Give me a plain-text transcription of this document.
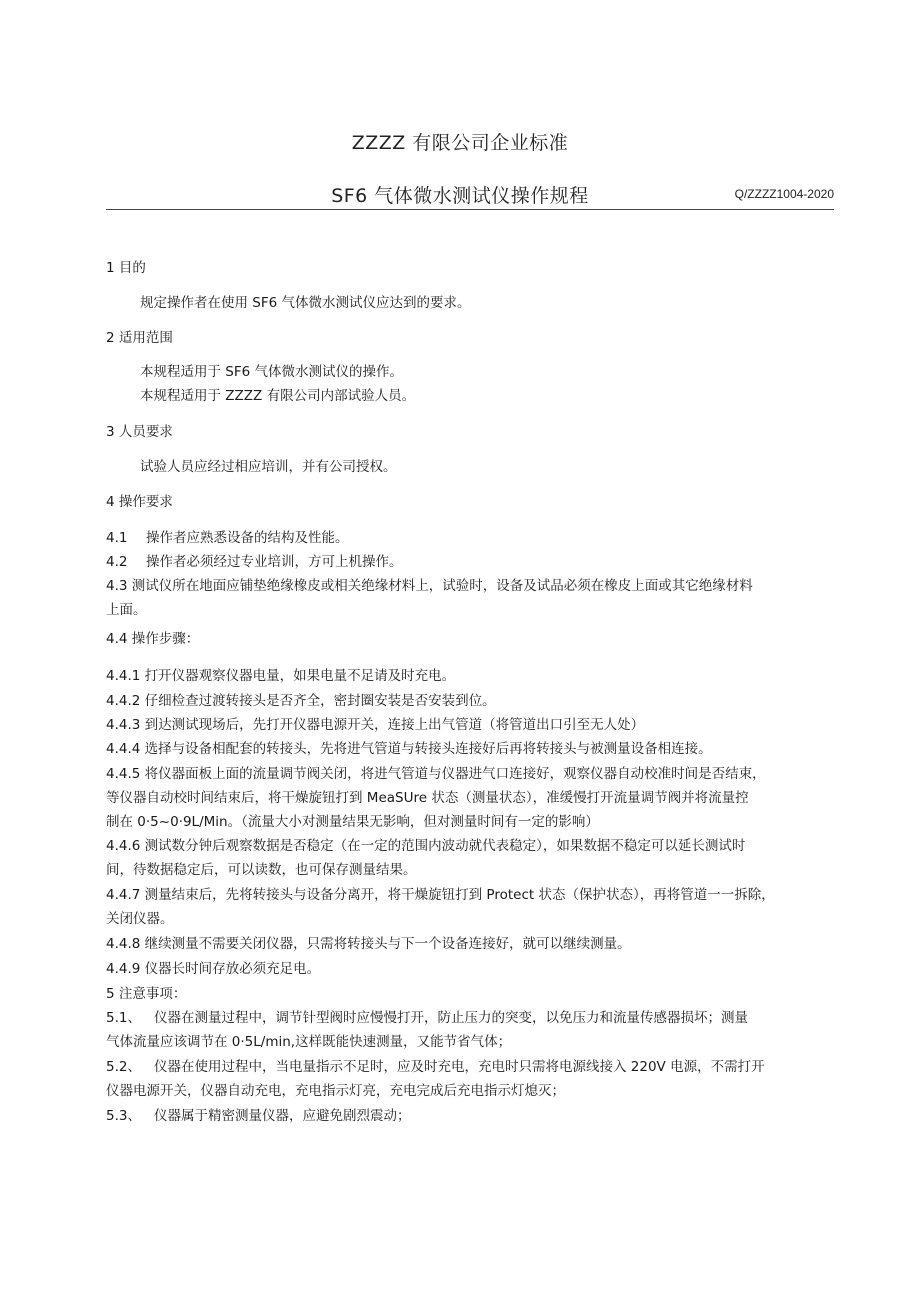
ZZZZ 有限公司企业标准
SF6 气体微水测试仪操作规程	Q/ZZZZ1004-2020
1 目的
规定操作者在使用 SF6 气体微水测试仪应达到的要求。
2 适用范围
本规程适用于 SF6 气体微水测试仪的操作。
本规程适用于 ZZZZ 有限公司内部试验人员。
3 人员要求
试验人员应经过相应培训，并有公司授权。
4 操作要求
4.1 操作者应熟悉设备的结构及性能。
4.2 操作者必须经过专业培训，方可上机操作。
4.3 测试仪所在地面应铺垫绝缘橡皮或相关绝缘材料上，试验时，设备及试品必须在橡皮上面或其它绝缘材料
上面。
4.4 操作步骤：
4.4.1 打开仪器观察仪器电量，如果电量不足请及时充电。
4.4.2 仔细检查过渡转接头是否齐全，密封圈安装是否安装到位。
4.4.3 到达测试现场后，先打开仪器电源开关，连接上出气管道（将管道出口引至无人处）
4.4.4 选择与设备相配套的转接头，先将进气管道与转接头连接好后再将转接头与被测量设备相连接。
4.4.5 将仪器面板上面的流量调节阀关闭，将进气管道与仪器进气口连接好，观察仪器自动校准时间是否结束，
等仪器自动校时间结束后，将干燥旋钮打到 MeaSUre 状态（测量状态），准缓慢打开流量调节阀并将流量控
制在 0·5~0·9L/Min。（流量大小对测量结果无影响，但对测量时间有一定的影响）
4.4.6 测试数分钟后观察数据是否稳定（在一定的范围内波动就代表稳定），如果数据不稳定可以延长测试时
间，待数据稳定后，可以读数，也可保存测量结果。
4.4.7 测量结束后，先将转接头与设备分离开，将干燥旋钮打到 Protect 状态（保护状态），再将管道一一拆除，
关闭仪器。
4.4.8 继续测量不需要关闭仪器，只需将转接头与下一个设备连接好，就可以继续测量。
4.4.9 仪器长时间存放必须充足电。
5 注意事项：
5.1、 仪器在测量过程中，调节针型阀时应慢慢打开，防止压力的突变，以免压力和流量传感器损坏；测量
气体流量应该调节在 0·5L/min,这样既能快速测量，又能节省气体；
5.2、 仪器在使用过程中，当电量指示不足时，应及时充电，充电时只需将电源线接入 220V 电源，不需打开
仪器电源开关，仪器自动充电，充电指示灯亮，充电完成后充电指示灯熄灭；
5.3、 仪器属于精密测量仪器，应避免剧烈震动；
